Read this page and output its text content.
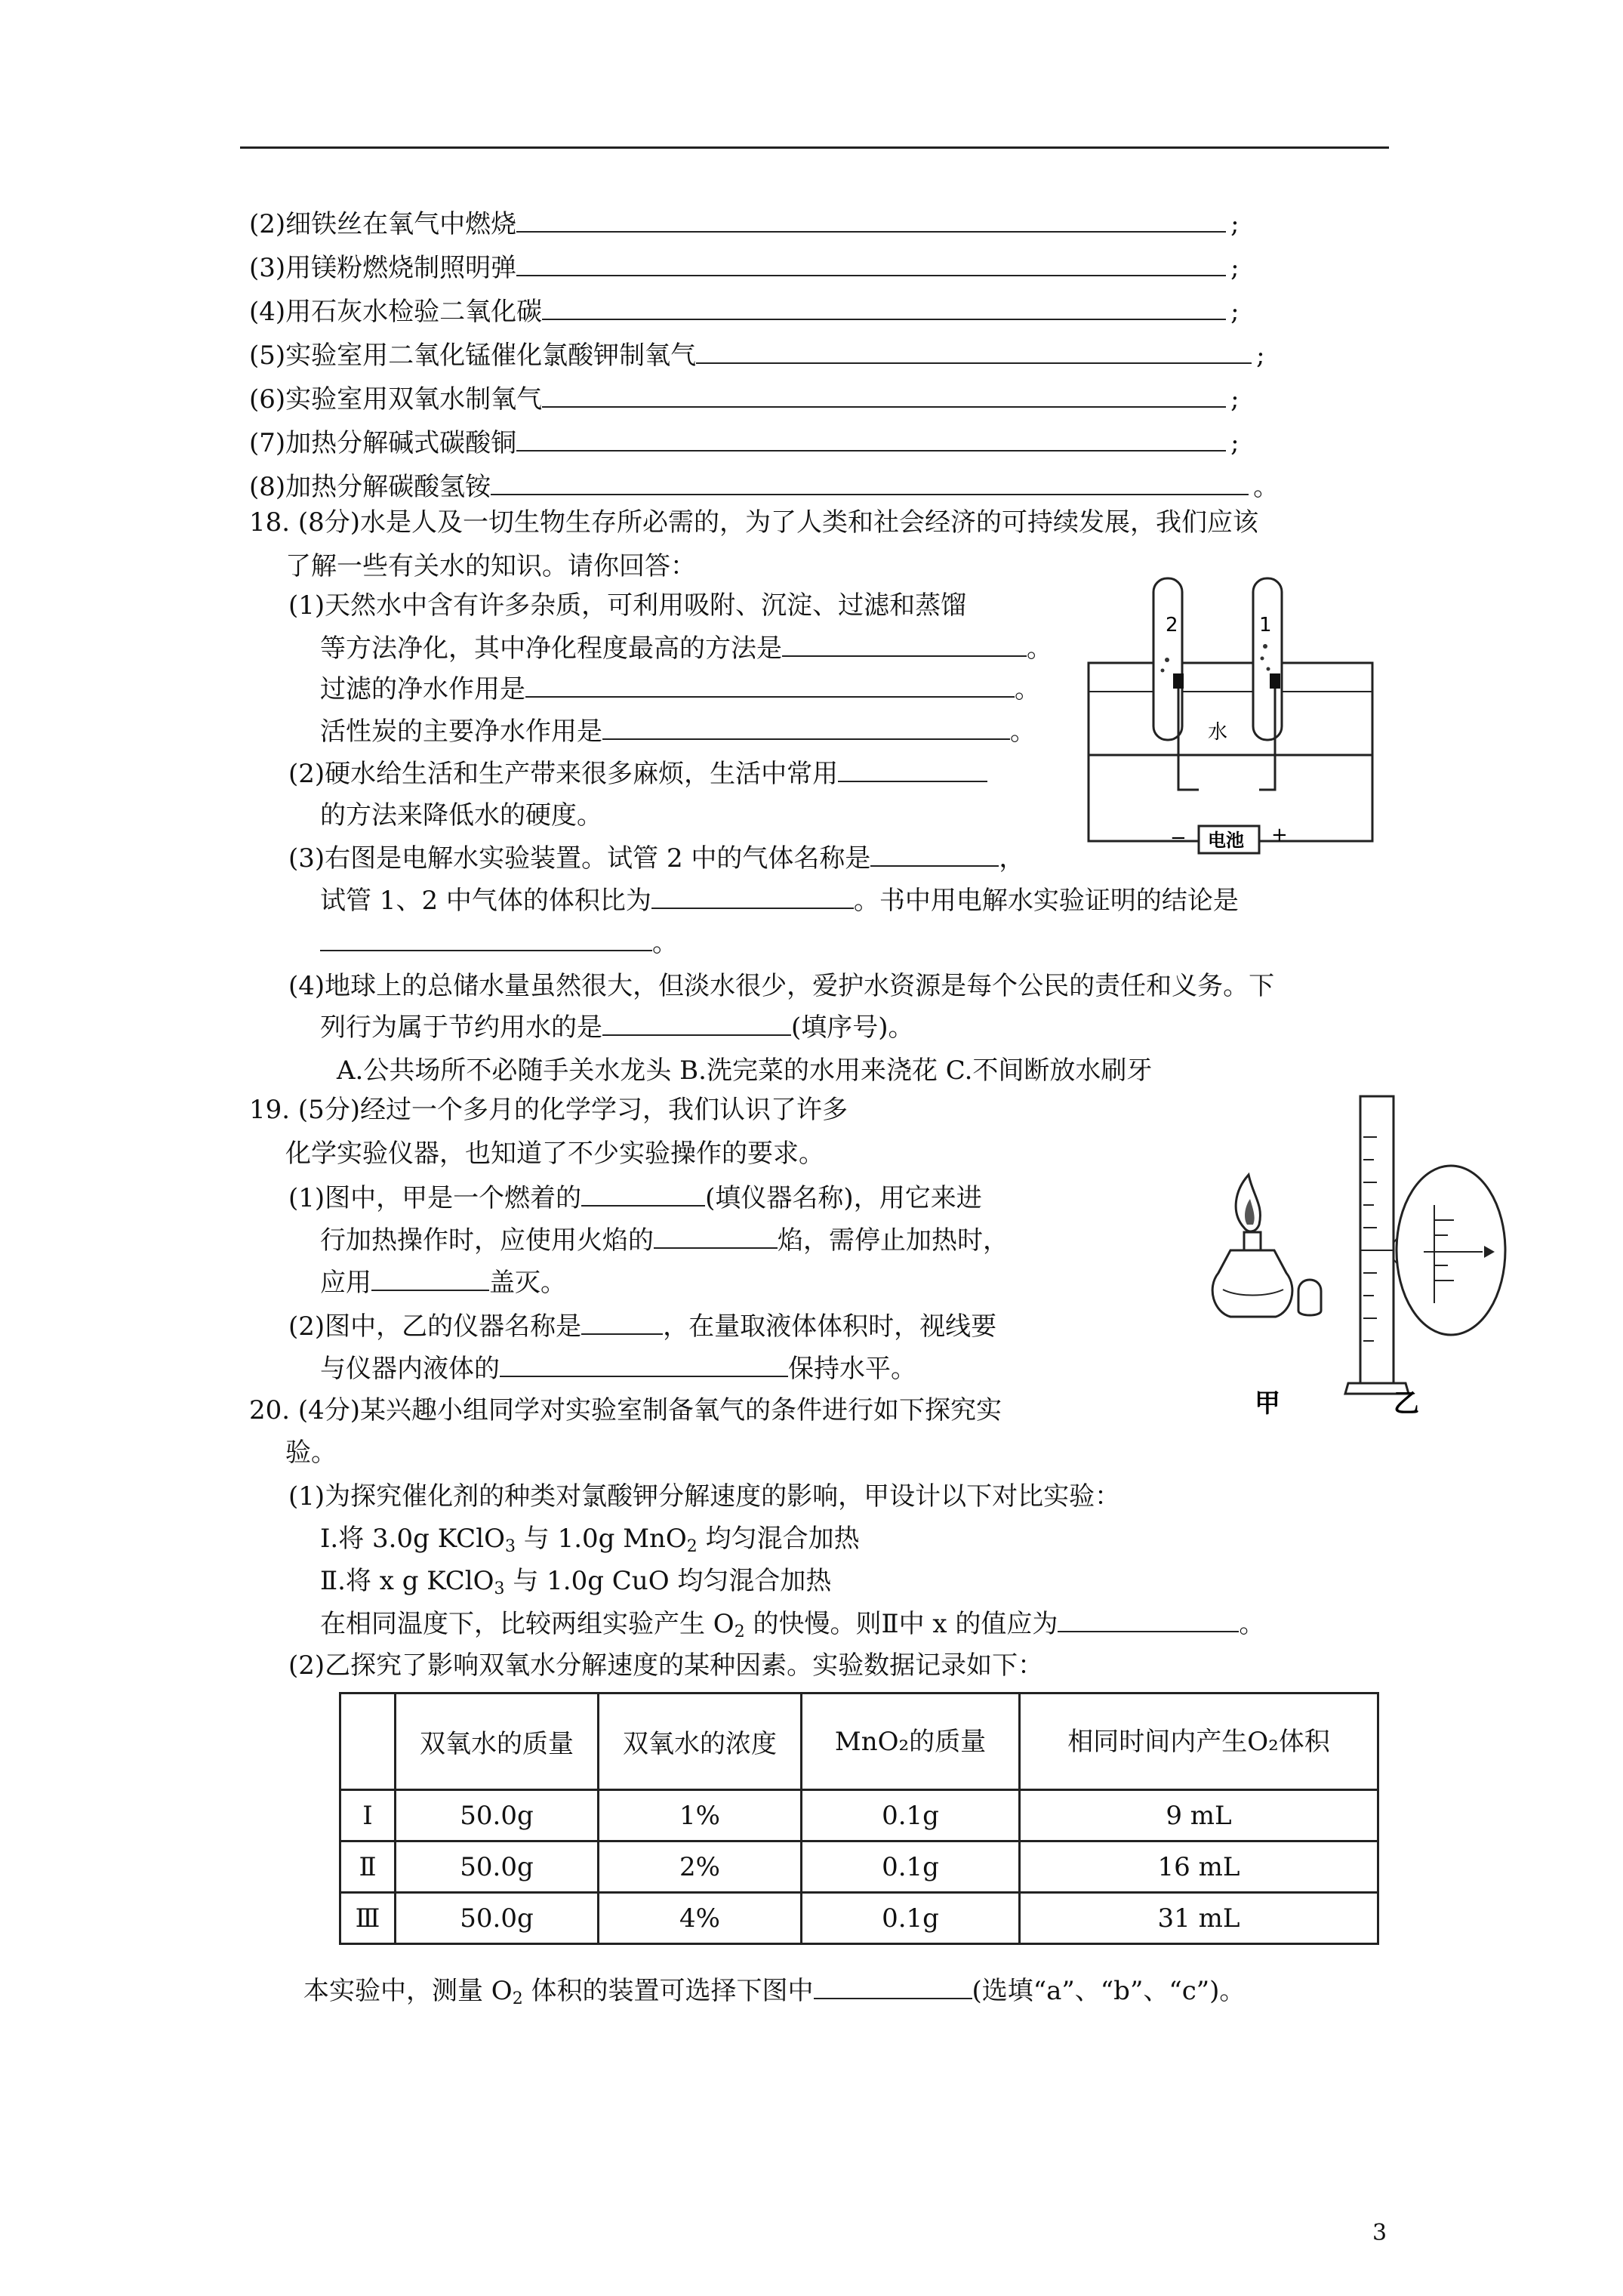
(2)细铁丝在氧气中燃烧	;
(3)用镁粉燃烧制照明弹	;
(4)用石灰水检验二氧化碳	;
(5)实验室用二氧化锰催化氯酸钾制氧气	;
(6)实验室用双氧水制氧气	;
(7)加热分解碱式碳酸铜	;
(8)加热分解碳酸氢铵	。
18. (8分)水是人及一切生物生存所必需的，为了人类和社会经济的可持续发展，我们应该
了解一些有关水的知识。请你回答：
(1)天然水中含有许多杂质，可利用吸附、沉淀、过滤和蒸馏
等方法净化，其中净化程度最高的方法是	。
过滤的净水作用是	。
活性炭的主要净水作用是	。
(2)硬水给生活和生产带来很多麻烦，生活中常用
的方法来降低水的硬度。
(3)右图是电解水实验装置。试管 2 中的气体名称是	，
试管 1、2 中气体的体积比为	。书中用电解水实验证明的结论是
。
(4)地球上的总储水量虽然很大，但淡水很少，爱护水资源是每个公民的责任和义务。下
列行为属于节约用水的是	(填序号)。
A.公共场所不必随手关水龙头 B.洗完菜的水用来浇花 C.不间断放水刷牙
2	1
水
电池
−	+
19. (5分)经过一个多月的化学学习，我们认识了许多
化学实验仪器，也知道了不少实验操作的要求。
(1)图中，甲是一个燃着的	(填仪器名称)，用它来进
行加热操作时，应使用火焰的	焰，需停止加热时，
应用	盖灭。
(2)图中，乙的仪器名称是	，在量取液体体积时，视线要
与仪器内液体的	保持水平。
甲	乙
20. (4分)某兴趣小组同学对实验室制备氧气的条件进行如下探究实
验。
(1)为探究催化剂的种类对氯酸钾分解速度的影响，甲设计以下对比实验：
Ⅰ.将 3.0g KClO$_3$ 与 1.0g MnO$_2$ 均匀混合加热
Ⅱ.将 x g KClO$_3$ 与 1.0g CuO 均匀混合加热
在相同温度下，比较两组实验产生 $O_2$ 的快慢。则Ⅱ中 x 的值应为	。
(2)乙探究了影响双氧水分解速度的某种因素。实验数据记录如下：
	双氧水的质量	双氧水的浓度	MnO₂的质量	相同时间内产生O₂体积
Ⅰ	50.0g	1%	0.1g	9 mL
Ⅱ	50.0g	2%	0.1g	16 mL
Ⅲ	50.0g	4%	0.1g	31 mL
本实验中，测量 $O_2$ 体积的装置可选择下图中	(选填“a”、“b”、“c”)。
3
